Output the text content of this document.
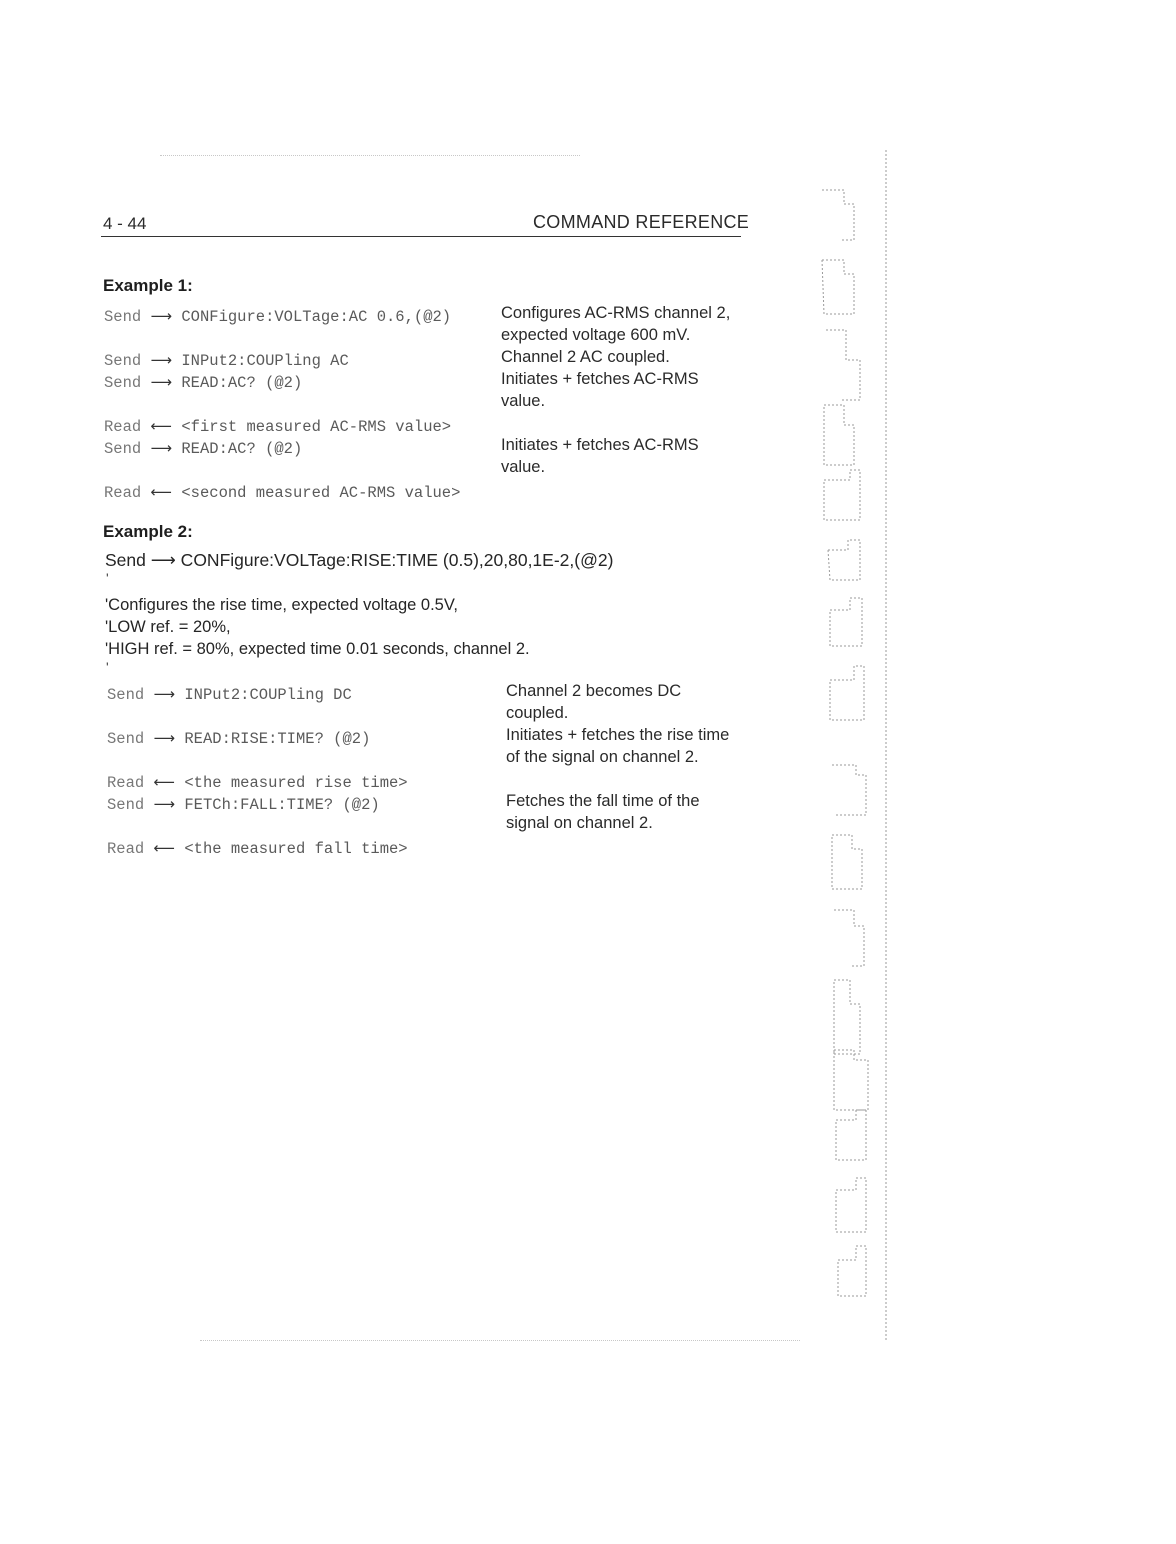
4 - 44	COMMAND REFERENCE
Example 1:
Send ⟶ CONFigure:VOLTage:AC 0.6,(@2)	Configures AC-RMS channel 2,
expected voltage 600 mV.
Send ⟶ INPut2:COUPling AC	Channel 2 AC coupled.
Send ⟶ READ:AC? (@2)	Initiates + fetches AC-RMS
value.
Read ⟵ <first measured AC-RMS value>
Send ⟶ READ:AC? (@2)	Initiates + fetches AC-RMS
value.
Read ⟵ <second measured AC-RMS value>
Example 2:
Send ⟶ CONFigure:VOLTage:RISE:TIME (0.5),20,80,1E-2,(@2)
'
'Configures the rise time, expected voltage 0.5V,
'LOW ref. = 20%,
'HIGH ref. = 80%, expected time 0.01 seconds, channel 2.
'
Send ⟶ INPut2:COUPling DC	Channel 2 becomes DC
coupled.
Send ⟶ READ:RISE:TIME? (@2)	Initiates + fetches the rise time
of the signal on channel 2.
Read ⟵ <the measured rise time>
Send ⟶ FETCh:FALL:TIME? (@2)	Fetches the fall time of the
signal on channel 2.
Read ⟵ <the measured fall time>
